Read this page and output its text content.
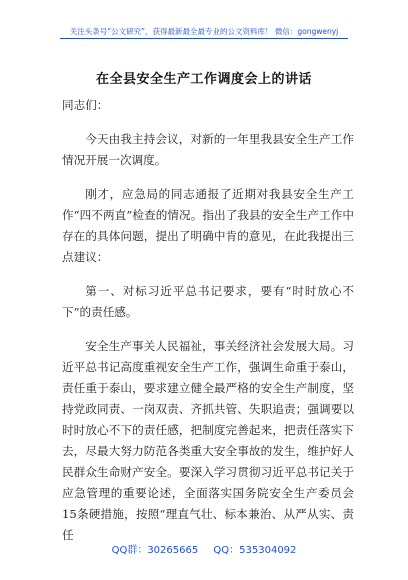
关注头条号“公文研究”，获得最新最全最专业的公文资料库！ 微信：gongwenyj
在全县安全生产工作调度会上的讲话

同志们：

今天由我主持会议，对新的一年里我县安全生产工作情况开展一次调度。

刚才，应急局的同志通报了近期对我县安全生产工作“四不两直”检查的情况。指出了我县的安全生产工作中存在的具体问题，提出了明确中肯的意见，在此我提出三点建议：

第一、对标习近平总书记要求，要有“时时放心不下”的责任感。

安全生产事关人民福祉，事关经济社会发展大局。习近平总书记高度重视安全生产工作，强调生命重于泰山，责任重于泰山，要求建立健全最严格的安全生产制度，坚持党政同责、一岗双责、齐抓共管、失职追责；强调要以时时放心不下的责任感，把制度完善起来，把责任落实下去，尽最大努力防范各类重大安全事故的发生，维护好人民群众生命财产安全。要深入学习贯彻习近平总书记关于应急管理的重要论述，全面落实国务院安全生产委员会15条硬措施，按照“理直气壮、标本兼治、从严从实、责任

QQ群：30265665 QQ：535304092
